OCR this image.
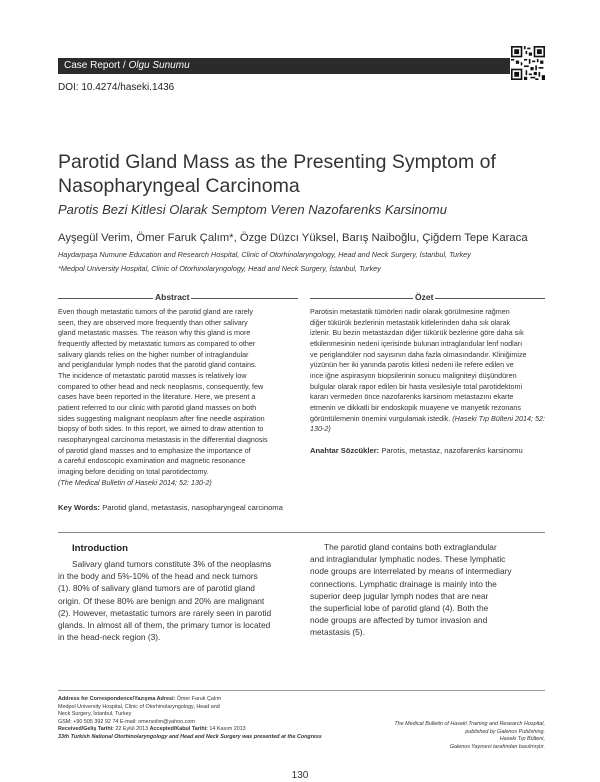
Case Report / Olgu Sunumu
DOI: 10.4274/haseki.1436
Parotid Gland Mass as the Presenting Symptom of
Nasopharyngeal Carcinoma
Parotis Bezi Kitlesi Olarak Semptom Veren Nazofarenks Karsinomu
Ayşegül Verim, Ömer Faruk Çalım*, Özge Düzcı Yüksel, Barış Naiboğlu, Çiğdem Tepe Karaca
Haydarpaşa Numune Education and Research Hospital, Clinic of Otorhinolaryngology, Head and Neck Surgery, İstanbul, Turkey
*Medpol University Hospital, Clinic of Otorhinolaryngology, Head and Neck Surgery, İstanbul, Turkey
Abstract	Özet
Even though metastatic tumors of the parotid gland are rarely
seen, they are observed more frequently than other salivary
gland metastatic masses. The reason why this gland is more
frequently affected by metastatic tumors as compared to other
salivary glands relies on the higher number of intraglandular
and periglandular lymph nodes that the parotid gland contains.
The incidence of metastatic parotid masses is relatively low
compared to other head and neck neoplasms, consequently, few
cases have been reported in the literature. Here, we present a
patient referred to our clinic with parotid gland masses on both
sides suggesting malignant neoplasm after fine needle aspiration
biopsy of both sides. In this report, we aimed to draw attention to
nasopharyngeal carcinoma metastasis in the differential diagnosis
of parotid gland masses and to emphasize the importance of
a careful endoscopic examination and magnetic resonance
imaging before deciding on total parotidectomy.
(The Medical Bulletin of Haseki 2014; 52: 130-2)
Key Words: Parotid gland, metastasis, nasopharyngeal carcinoma
Parotisin metastatik tümörleri nadir olarak görülmesine rağmen
diğer tükürük bezlerinin metastatik kitlelerinden daha sık olarak
izlenir. Bu bezin metastazdan diğer tükürük bezlerine göre daha sık
etkilenmesinin nedeni içerisinde bulunan intraglandular lenf nodları
ve periglandüler nod sayısının daha fazla olmasındandır. Kliniğimize
yüzünün her iki yanında parotis kitlesi nedeni ile refere edilen ve
ince iğne aspirasyon biopsilerinin sonucu maligniteyi düşündüren
bulgular olarak rapor edilen bir hasta vesilesiyle total parotidektomi
kararı vermeden önce nazofarenks karsinom metastazını ekarte
etmenin ve dikkatli bir endoskopik muayene ve manyetik rezonans
görüntülemenin önemini vurgulamak istedik. (Haseki Tıp Bülteni 2014; 52: 130-2)
Anahtar Sözcükler: Parotis, metastaz, nazofarenks karsinomu
Introduction
Salivary gland tumors constitute 3% of the neoplasms
in the body and 5%-10% of the head and neck tumors
(1). 80% of salivary gland tumors are of parotid gland
origin. Of these 80% are benign and 20% are malignant
(2). However, metastatic tumors are rarely seen in parotid
glands. In almost all of them, the primary tumor is located
in the head-neck region (3).
The parotid gland contains both extraglandular
and intraglandular lymphatic nodes. These lymphatic
node groups are interrelated by means of intermediary
connections. Lymphatic drainage is mainly into the
superior deep jugular lymph nodes that are near
the superficial lobe of parotid gland (4). Both the
node groups are affected by tumor invasion and
metastasis (5).
Address for Correspondence/Yazışma Adresi: Ömer Faruk Çalım
Medpol University Hospital, Clinic of Otorhinolaryngology, Head and
Neck Surgery, İstanbul, Turkey
GSM: +90 505 392 92 74 E-mail: omersolim@yahoo.com
Received/Geliş Tarihi: 22 Eylül 2013 Accepted/Kabul Tarihi: 14 Kasım 2013
33th Turkish National Otorhinolaryngology and Head and Neck Surgery was presented at the Congress
The Medical Bulletin of Haseki Training and Research Hospital,
published by Galenos Publishing.
Haseki Tıp Bülteni,
Galenos Yayınevi tarafından basılmıştır.
130
